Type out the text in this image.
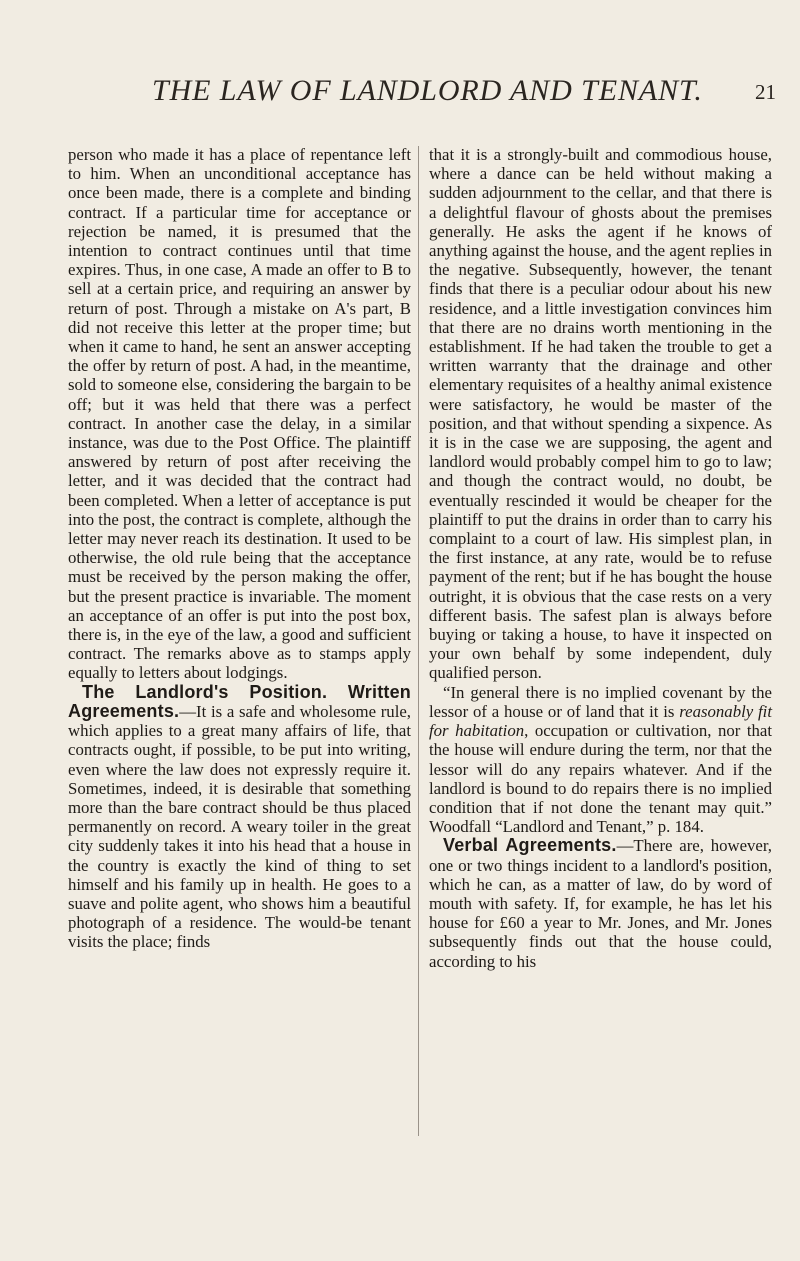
THE LAW OF LANDLORD AND TENANT. 21

person who made it has a place of repentance left to him. When an unconditional acceptance has once been made, there is a complete and binding contract. If a particular time for acceptance or rejection be named, it is presumed that the intention to contract continues until that time expires. Thus, in one case, A made an offer to B to sell at a certain price, and requiring an answer by return of post. Through a mistake on A's part, B did not receive this letter at the proper time; but when it came to hand, he sent an answer accepting the offer by return of post. A had, in the meantime, sold to someone else, considering the bargain to be off; but it was held that there was a perfect contract. In another case the delay, in a similar instance, was due to the Post Office. The plaintiff answered by return of post after receiving the letter, and it was decided that the contract had been completed. When a letter of acceptance is put into the post, the contract is complete, although the letter may never reach its destination. It used to be otherwise, the old rule being that the acceptance must be received by the person making the offer, but the present practice is invariable. The moment an acceptance of an offer is put into the post box, there is, in the eye of the law, a good and sufficient contract. The remarks above as to stamps apply equally to letters about lodgings.

The Landlord's Position. Written Agreements.—It is a safe and wholesome rule, which applies to a great many affairs of life, that contracts ought, if possible, to be put into writing, even where the law does not expressly require it. Sometimes, indeed, it is desirable that something more than the bare contract should be thus placed permanently on record. A weary toiler in the great city suddenly takes it into his head that a house in the country is exactly the kind of thing to set himself and his family up in health. He goes to a suave and polite agent, who shows him a beautiful photograph of a residence. The would-be tenant visits the place; finds

that it is a strongly-built and commodious house, where a dance can be held without making a sudden adjournment to the cellar, and that there is a delightful flavour of ghosts about the premises generally. He asks the agent if he knows of anything against the house, and the agent replies in the negative. Subsequently, however, the tenant finds that there is a peculiar odour about his new residence, and a little investigation convinces him that there are no drains worth mentioning in the establishment. If he had taken the trouble to get a written warranty that the drainage and other elementary requisites of a healthy animal existence were satisfactory, he would be master of the position, and that without spending a sixpence. As it is in the case we are supposing, the agent and landlord would probably compel him to go to law; and though the contract would, no doubt, be eventually rescinded it would be cheaper for the plaintiff to put the drains in order than to carry his complaint to a court of law. His simplest plan, in the first instance, at any rate, would be to refuse payment of the rent; but if he has bought the house outright, it is obvious that the case rests on a very different basis. The safest plan is always before buying or taking a house, to have it inspected on your own behalf by some independent, duly qualified person.

“In general there is no implied covenant by the lessor of a house or of land that it is reasonably fit for habitation, occupation or cultivation, nor that the house will endure during the term, nor that the lessor will do any repairs whatever. And if the landlord is bound to do repairs there is no implied condition that if not done the tenant may quit.” Woodfall “Landlord and Tenant,” p. 184.

Verbal Agreements.—There are, however, one or two things incident to a landlord's position, which he can, as a matter of law, do by word of mouth with safety. If, for example, he has let his house for £60 a year to Mr. Jones, and Mr. Jones subsequently finds out that the house could, according to his
